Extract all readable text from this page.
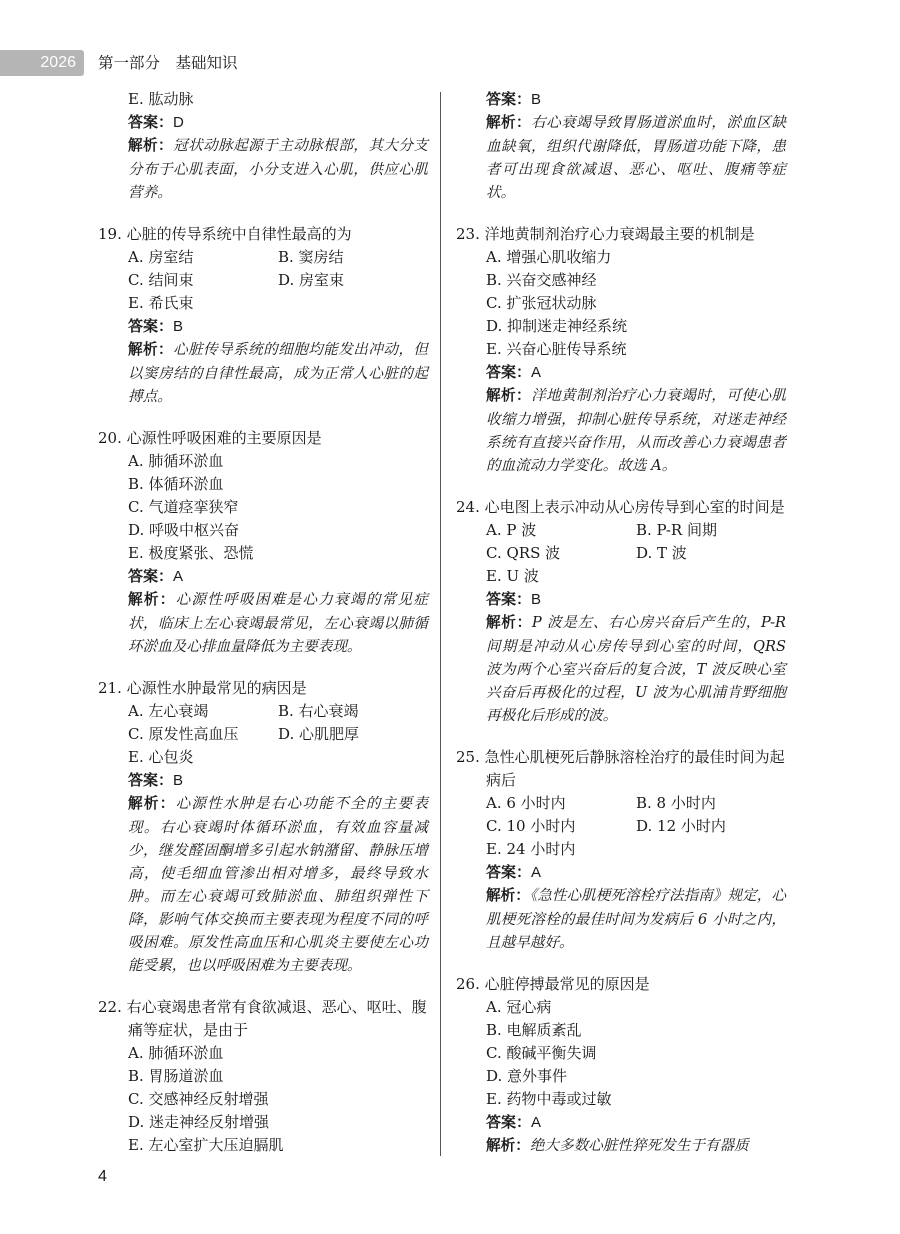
2026	第一部分　基础知识
E. 肱动脉

答案：D

解析：冠状动脉起源于主动脉根部，其大分支分布于心肌表面，小分支进入心肌，供应心肌营养。

19. 心脏的传导系统中自律性最高的为

A. 房室结	B. 窦房结
C. 结间束	D. 房室束
E. 希氏束

答案：B

解析：心脏传导系统的细胞均能发出冲动，但以窦房结的自律性最高，成为正常人心脏的起搏点。

20. 心源性呼吸困难的主要原因是

A. 肺循环淤血
B. 体循环淤血
C. 气道痉挛狭窄
D. 呼吸中枢兴奋
E. 极度紧张、恐慌

答案：A

解析：心源性呼吸困难是心力衰竭的常见症状，临床上左心衰竭最常见，左心衰竭以肺循环淤血及心排血量降低为主要表现。

21. 心源性水肿最常见的病因是

A. 左心衰竭	B. 右心衰竭
C. 原发性高血压	D. 心肌肥厚
E. 心包炎

答案：B

解析：心源性水肿是右心功能不全的主要表现。右心衰竭时体循环淤血，有效血容量减少，继发醛固酮增多引起水钠潴留、静脉压增高，使毛细血管渗出相对增多，最终导致水肿。而左心衰竭可致肺淤血、肺组织弹性下降，影响气体交换而主要表现为程度不同的呼吸困难。原发性高血压和心肌炎主要使左心功能受累，也以呼吸困难为主要表现。

22. 右心衰竭患者常有食欲减退、恶心、呕吐、腹痛等症状，是由于

A. 肺循环淤血
B. 胃肠道淤血
C. 交感神经反射增强
D. 迷走神经反射增强
E. 左心室扩大压迫膈肌

答案：B

解析：右心衰竭导致胃肠道淤血时，淤血区缺血缺氧，组织代谢降低，胃肠道功能下降，患者可出现食欲减退、恶心、呕吐、腹痛等症状。

23. 洋地黄制剂治疗心力衰竭最主要的机制是

A. 增强心肌收缩力
B. 兴奋交感神经
C. 扩张冠状动脉
D. 抑制迷走神经系统
E. 兴奋心脏传导系统

答案：A

解析：洋地黄制剂治疗心力衰竭时，可使心肌收缩力增强，抑制心脏传导系统，对迷走神经系统有直接兴奋作用，从而改善心力衰竭患者的血流动力学变化。故选 A。

24. 心电图上表示冲动从心房传导到心室的时间是

A. P 波	B. P-R 间期
C. QRS 波	D. T 波
E. U 波

答案：B

解析：P 波是左、右心房兴奋后产生的，P-R 间期是冲动从心房传导到心室的时间，QRS 波为两个心室兴奋后的复合波，T 波反映心室兴奋后再极化的过程，U 波为心肌浦肯野细胞再极化后形成的波。

25. 急性心肌梗死后静脉溶栓治疗的最佳时间为起病后

A. 6 小时内	B. 8 小时内
C. 10 小时内	D. 12 小时内
E. 24 小时内

答案：A

解析：《急性心肌梗死溶栓疗法指南》规定，心肌梗死溶栓的最佳时间为发病后 6 小时之内，且越早越好。

26. 心脏停搏最常见的原因是

A. 冠心病
B. 电解质紊乱
C. 酸碱平衡失调
D. 意外事件
E. 药物中毒或过敏

答案：A

解析：绝大多数心脏性猝死发生于有器质

4
